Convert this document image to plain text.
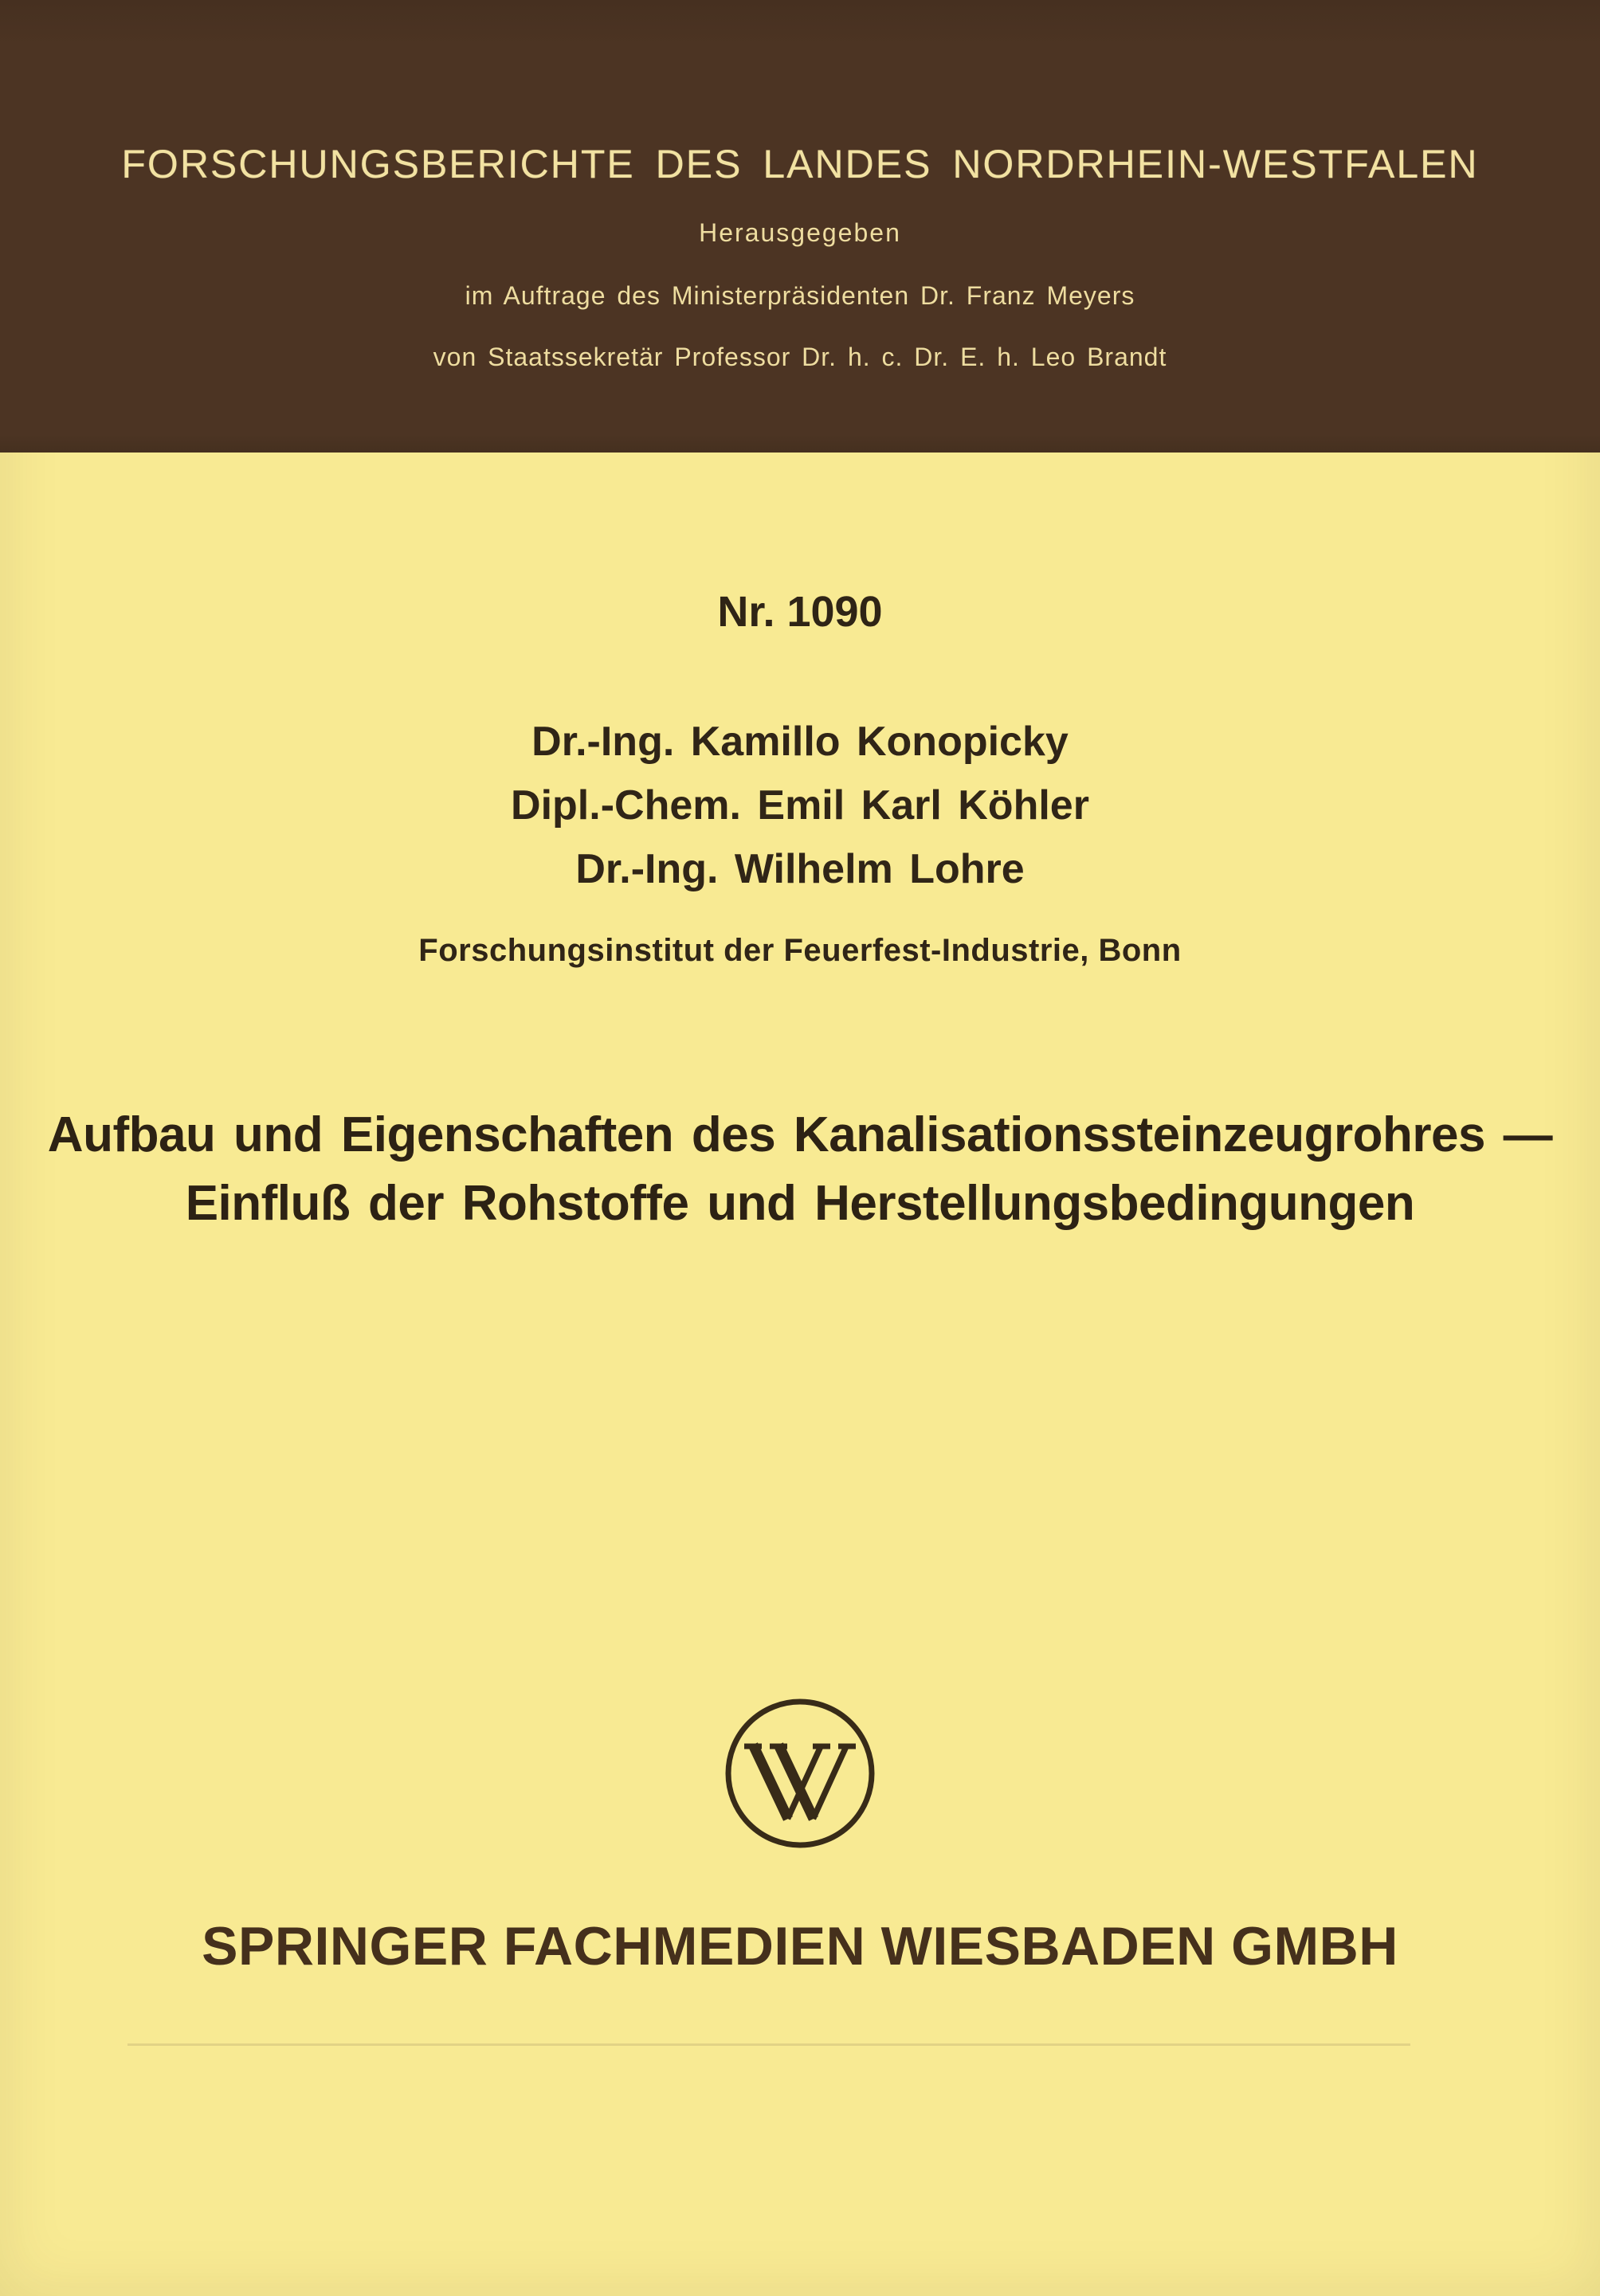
FORSCHUNGSBERICHTE DES LANDES NORDRHEIN-WESTFALEN
Herausgegeben
im Auftrage des Ministerpräsidenten Dr. Franz Meyers
von Staatssekretär Professor Dr. h. c. Dr. E. h. Leo Brandt
Nr. 1090
Dr.-Ing. Kamillo Konopicky
Dipl.-Chem. Emil Karl Köhler
Dr.-Ing. Wilhelm Lohre
Forschungsinstitut der Feuerfest-Industrie, Bonn
Aufbau und Eigenschaften des Kanalisationssteinzeugrohres —
Einfluß der Rohstoffe und Herstellungsbedingungen
SPRINGER FACHMEDIEN WIESBADEN GMBH
